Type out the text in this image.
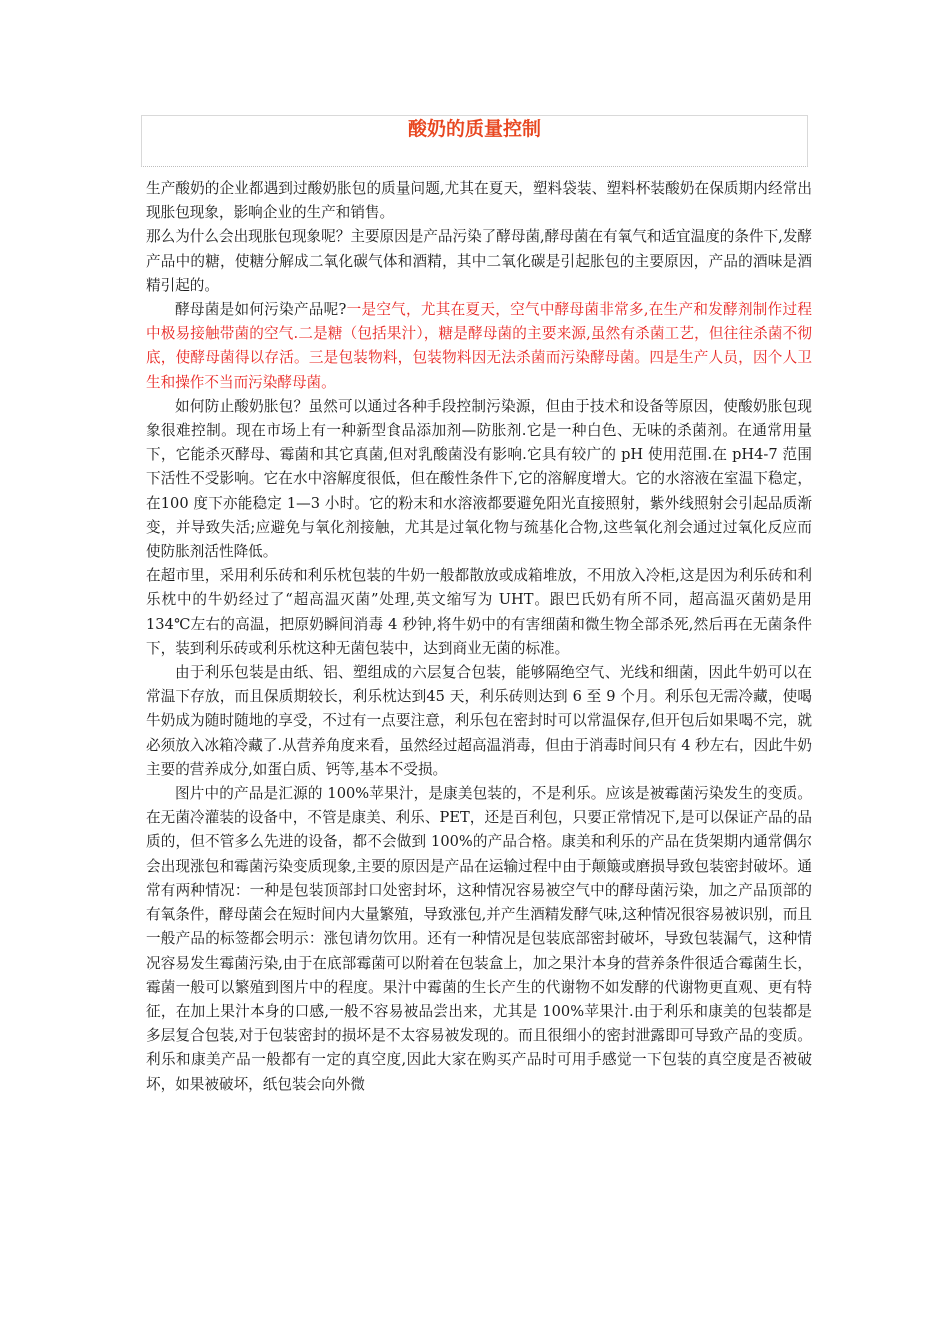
酸奶的质量控制

生产酸奶的企业都遇到过酸奶胀包的质量问题,尤其在夏天，塑料袋装、塑料杯装酸奶在保质期内经常出现胀包现象，影响企业的生产和销售。

那么为什么会出现胀包现象呢？主要原因是产品污染了酵母菌,酵母菌在有氧气和适宜温度的条件下,发酵产品中的糖，使糖分解成二氧化碳气体和酒精，其中二氧化碳是引起胀包的主要原因，产品的酒味是酒精引起的。

酵母菌是如何污染产品呢?一是空气，尤其在夏天，空气中酵母菌非常多,在生产和发酵剂制作过程中极易接触带菌的空气.二是糖（包括果汁），糖是酵母菌的主要来源,虽然有杀菌工艺，但往往杀菌不彻底，使酵母菌得以存活。三是包装物料，包装物料因无法杀菌而污染酵母菌。四是生产人员，因个人卫生和操作不当而污染酵母菌。

如何防止酸奶胀包？虽然可以通过各种手段控制污染源，但由于技术和设备等原因，使酸奶胀包现象很难控制。现在市场上有一种新型食品添加剂—防胀剂.它是一种白色、无味的杀菌剂。在通常用量下，它能杀灭酵母、霉菌和其它真菌,但对乳酸菌没有影响.它具有较广的 pH 使用范围.在 pH4-7 范围下活性不受影响。它在水中溶解度很低，但在酸性条件下,它的溶解度增大。它的水溶液在室温下稳定，在100 度下亦能稳定 1—3 小时。它的粉末和水溶液都要避免阳光直接照射，紫外线照射会引起品质渐变，并导致失活;应避免与氧化剂接触，尤其是过氧化物与巯基化合物,这些氧化剂会通过过氧化反应而使防胀剂活性降低。

在超市里，采用利乐砖和利乐枕包装的牛奶一般都散放或成箱堆放，不用放入冷柜,这是因为利乐砖和利乐枕中的牛奶经过了“超高温灭菌”处理,英文缩写为 UHT。跟巴氏奶有所不同，超高温灭菌奶是用 134℃左右的高温，把原奶瞬间消毒 4 秒钟,将牛奶中的有害细菌和微生物全部杀死,然后再在无菌条件下，装到利乐砖或利乐枕这种无菌包装中，达到商业无菌的标准。

由于利乐包装是由纸、铝、塑组成的六层复合包装，能够隔绝空气、光线和细菌，因此牛奶可以在常温下存放，而且保质期较长，利乐枕达到45 天，利乐砖则达到 6 至 9 个月。利乐包无需冷藏，使喝牛奶成为随时随地的享受，不过有一点要注意，利乐包在密封时可以常温保存,但开包后如果喝不完，就必须放入冰箱冷藏了.从营养角度来看，虽然经过超高温消毒，但由于消毒时间只有 4 秒左右，因此牛奶主要的营养成分,如蛋白质、钙等,基本不受损。

图片中的产品是汇源的 100%苹果汁，是康美包装的，不是利乐。应该是被霉菌污染发生的变质。在无菌冷灌装的设备中，不管是康美、利乐、PET，还是百利包，只要正常情况下,是可以保证产品的品质的，但不管多么先进的设备，都不会做到 100%的产品合格。康美和利乐的产品在货架期内通常偶尔会出现涨包和霉菌污染变质现象,主要的原因是产品在运输过程中由于颠簸或磨损导致包装密封破坏。通常有两种情况：一种是包装顶部封口处密封坏，这种情况容易被空气中的酵母菌污染，加之产品顶部的有氧条件，酵母菌会在短时间内大量繁殖，导致涨包,并产生酒精发酵气味,这种情况很容易被识别，而且一般产品的标签都会明示：涨包请勿饮用。还有一种情况是包装底部密封破坏，导致包装漏气，这种情况容易发生霉菌污染,由于在底部霉菌可以附着在包装盒上，加之果汁本身的营养条件很适合霉菌生长，霉菌一般可以繁殖到图片中的程度。果汁中霉菌的生长产生的代谢物不如发酵的代谢物更直观、更有特征，在加上果汁本身的口感,一般不容易被品尝出来，尤其是 100%苹果汁.由于利乐和康美的包装都是多层复合包装,对于包装密封的损坏是不太容易被发现的。而且很细小的密封泄露即可导致产品的变质。利乐和康美产品一般都有一定的真空度,因此大家在购买产品时可用手感觉一下包装的真空度是否被破坏，如果被破坏，纸包装会向外微
